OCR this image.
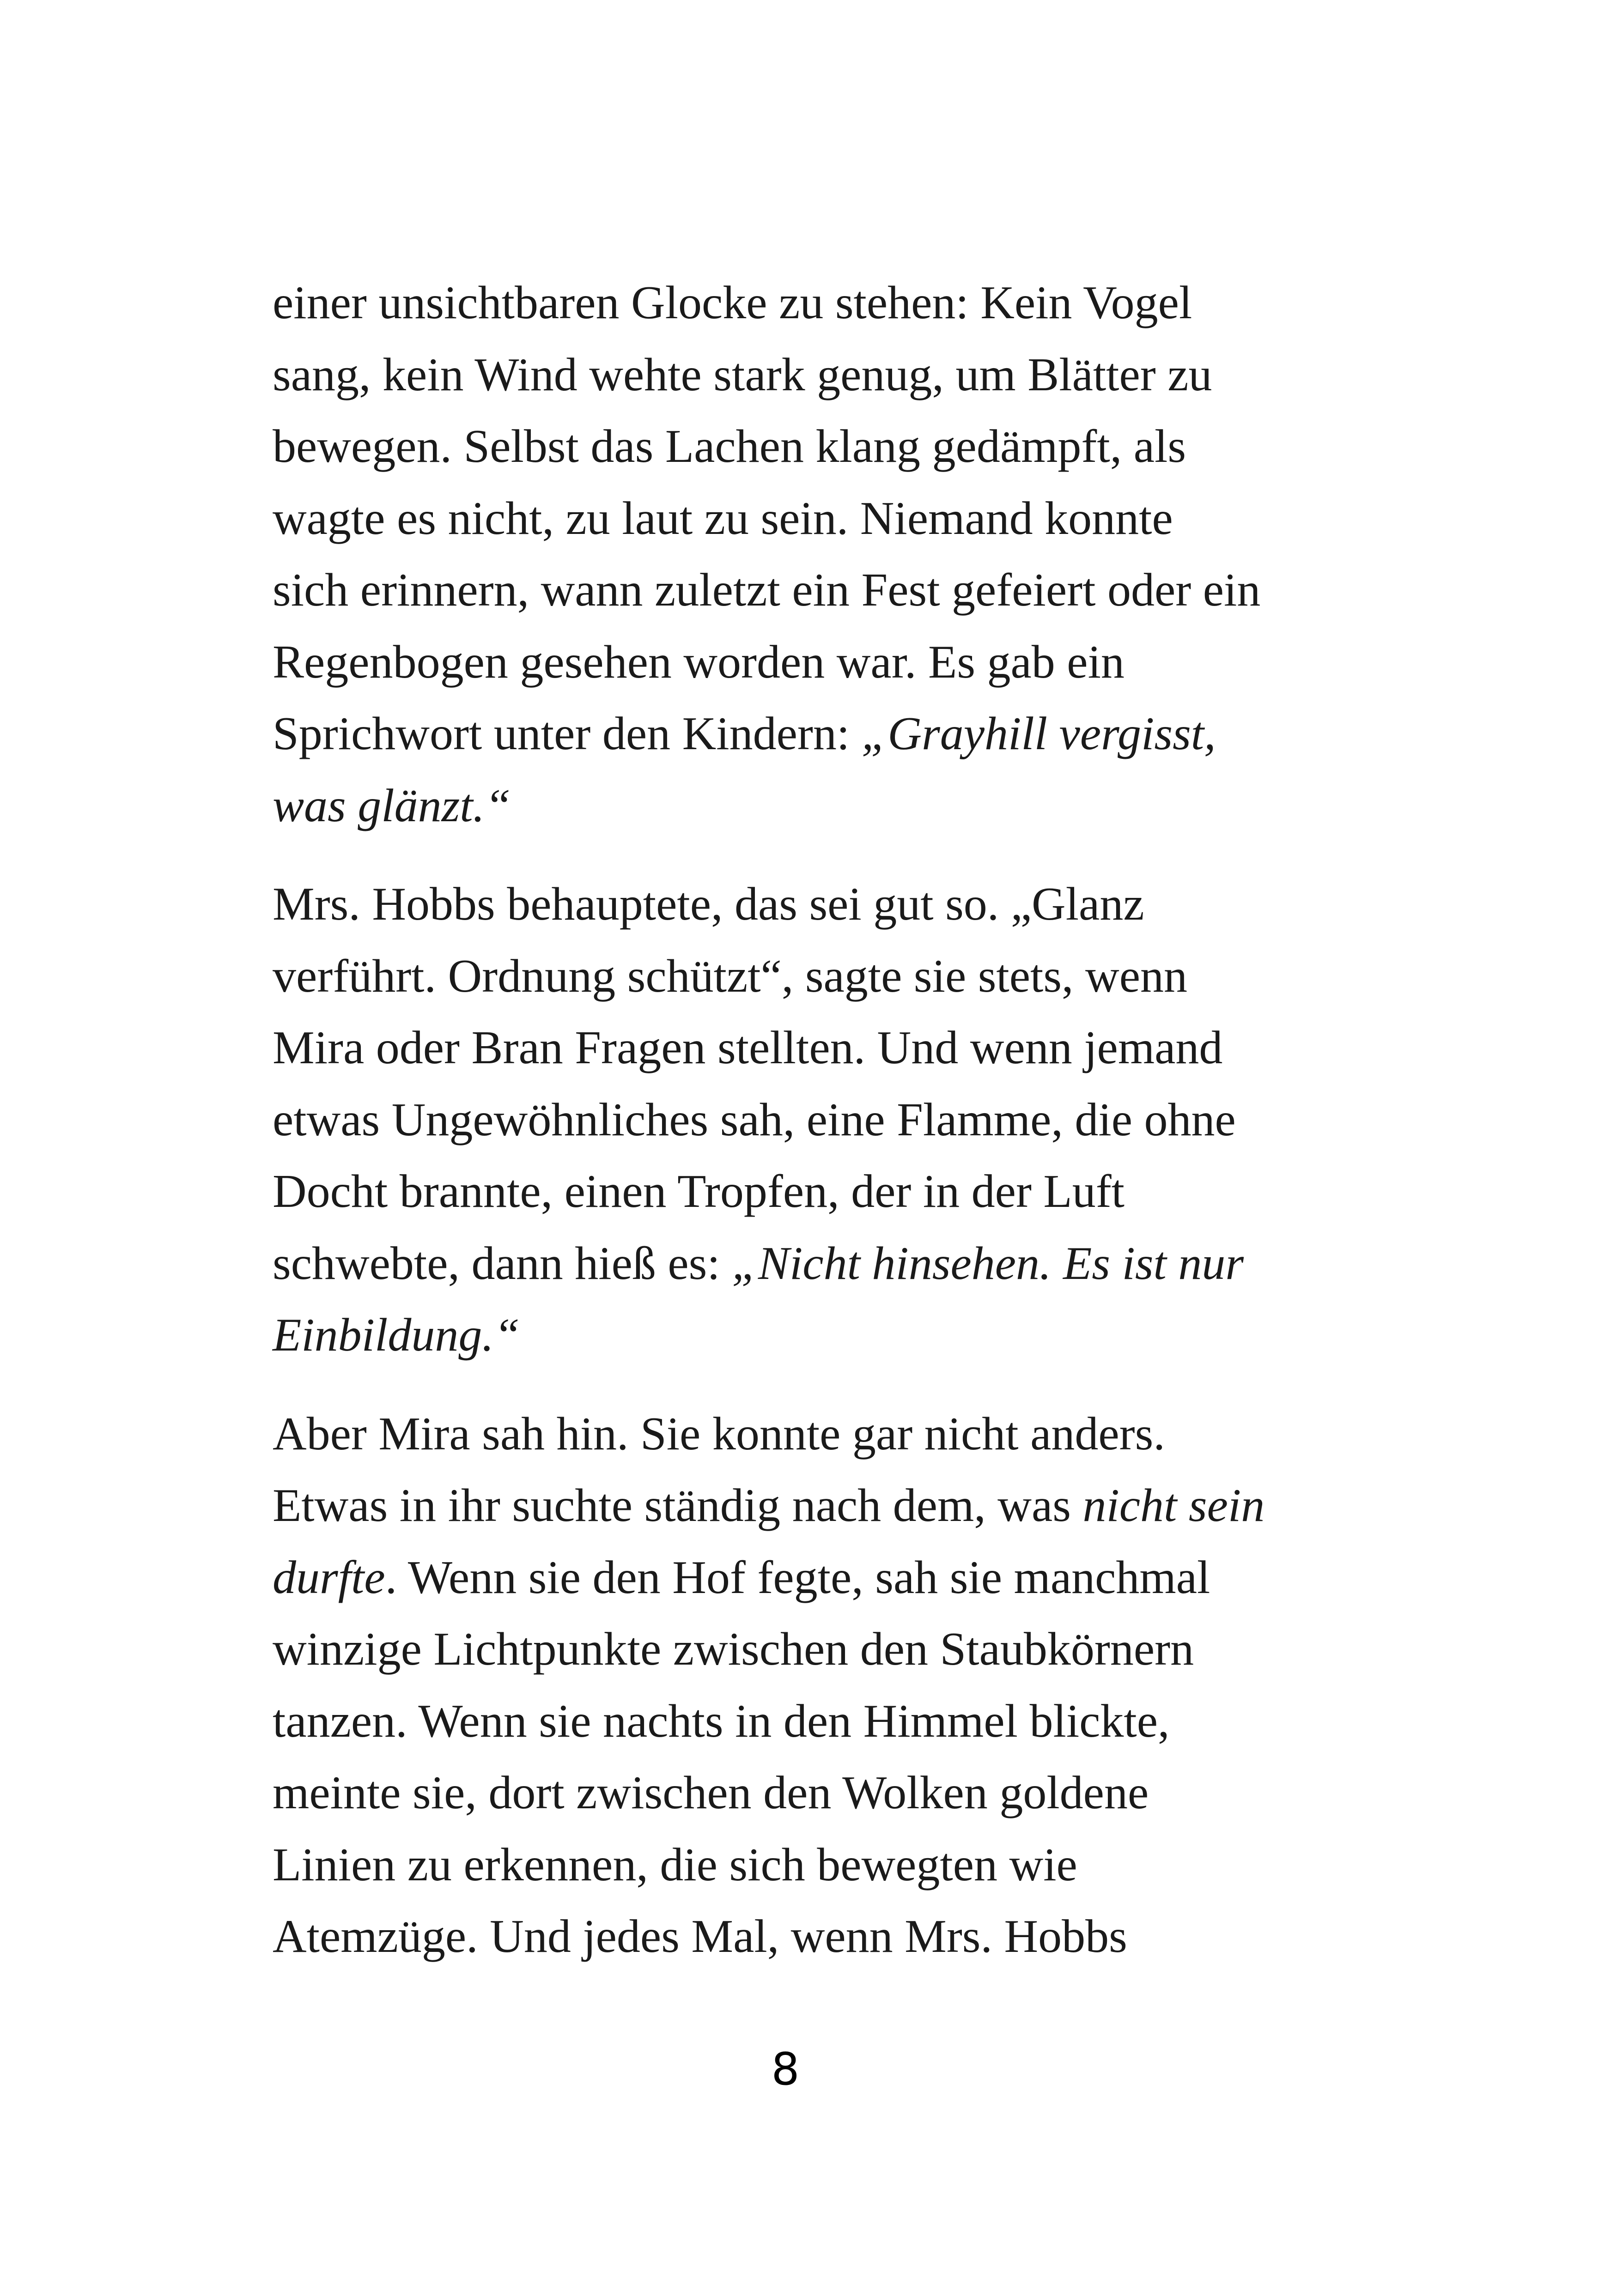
einer unsichtbaren Glocke zu stehen: Kein Vogel
sang, kein Wind wehte stark genug, um Blätter zu
bewegen. Selbst das Lachen klang gedämpft, als
wagte es nicht, zu laut zu sein. Niemand konnte
sich erinnern, wann zuletzt ein Fest gefeiert oder ein
Regenbogen gesehen worden war. Es gab ein
Sprichwort unter den Kindern: „Grayhill vergisst,
was glänzt.“

Mrs. Hobbs behauptete, das sei gut so. „Glanz
verführt. Ordnung schützt“, sagte sie stets, wenn
Mira oder Bran Fragen stellten. Und wenn jemand
etwas Ungewöhnliches sah, eine Flamme, die ohne
Docht brannte, einen Tropfen, der in der Luft
schwebte, dann hieß es: „Nicht hinsehen. Es ist nur
Einbildung.“

Aber Mira sah hin. Sie konnte gar nicht anders.
Etwas in ihr suchte ständig nach dem, was nicht sein
durfte. Wenn sie den Hof fegte, sah sie manchmal
winzige Lichtpunkte zwischen den Staubkörnern
tanzen. Wenn sie nachts in den Himmel blickte,
meinte sie, dort zwischen den Wolken goldene
Linien zu erkennen, die sich bewegten wie
Atemzüge. Und jedes Mal, wenn Mrs. Hobbs

8
